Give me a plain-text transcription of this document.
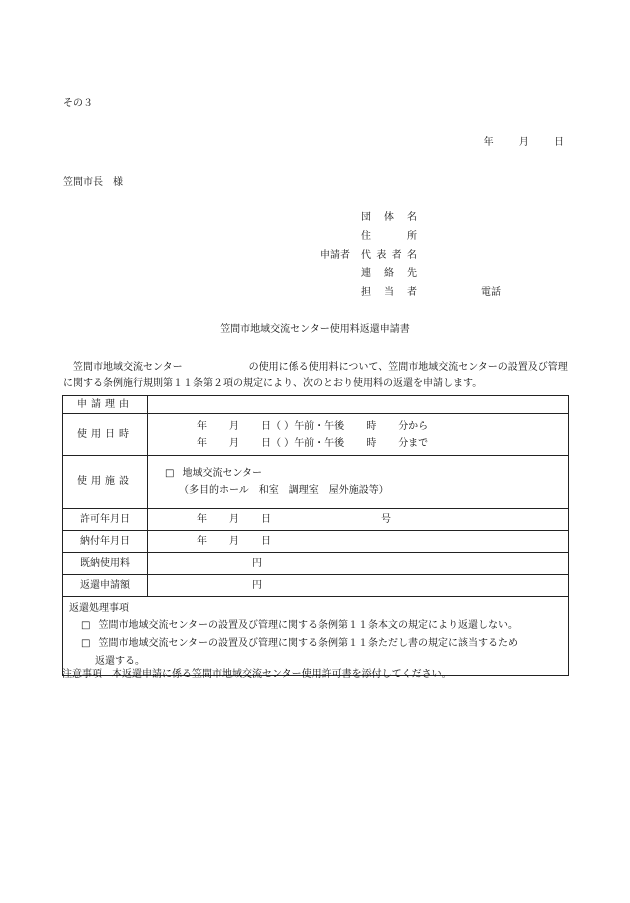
その３
年	月	日
笠間市長　様
団体名
住所
申請者 代表者名
連絡先
担当者	電話
笠間市地域交流センター使用料返還申請書
笠間市地域交流センター	の使用に係る使用料について、笠間市地域交流センターの設置及び管理に関する条例施行規則第１１条第２項の規定により、次のとおり使用料の返還を申請します。
申請理由	
使用日時	年 月 日（ ）午前・午後 時 分から
年 月 日（ ）午前・午後 時 分まで

使用施設	□ 地域交流センター
（多目的ホール　和室　調理室　屋外施設等）

許可年月日	年 月 日 号
納付年月日	年 月 日
既納使用料	円
返還申請額	円

返還処理事項
□ 笠間市地域交流センターの設置及び管理に関する条例第１１条本文の規定により返還しない。
□ 笠間市地域交流センターの設置及び管理に関する条例第１１条ただし書の規定に該当するため
返還する。	
注意事項　本返還申請に係る笠間市地域交流センター使用許可書を添付してください。
